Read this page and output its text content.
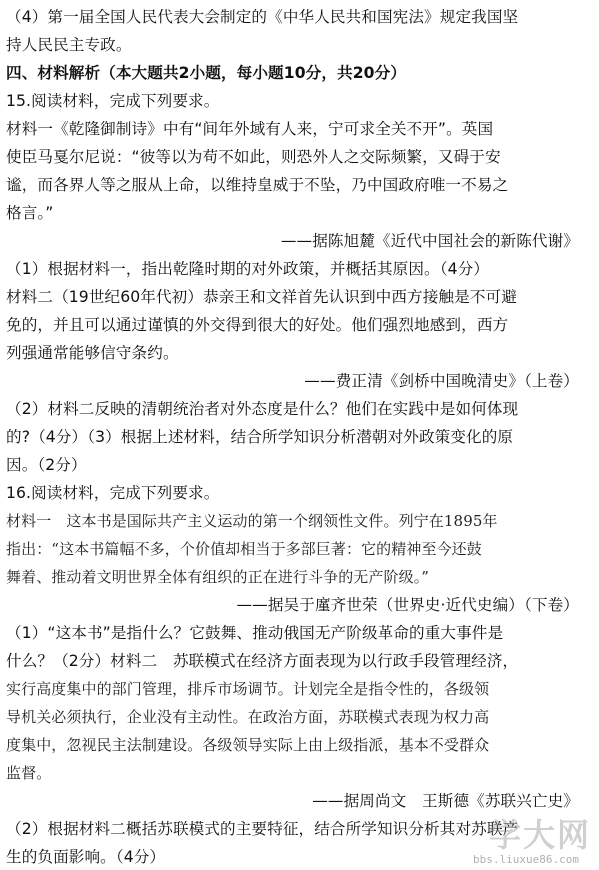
（4）第一届全国人民代表大会制定的《中华人民共和国宪法》规定我国坚
持人民民主专政。
四、材料解析（本大题共2小题，每小题10分，共20分）
15.阅读材料，完成下列要求。
材料一《乾隆御制诗》中有“间年外域有人来，宁可求全关不开”。英国
使臣马戛尔尼说：“彼等以为苟不如此，则恐外人之交际频繁，又碍于安
谧，而各界人等之服从上命，以维持皇威于不坠，乃中国政府唯一不易之
格言。”
——据陈旭麓《近代中国社会的新陈代谢》
（1）根据材料一，指出乾隆时期的对外政策，并概括其原因。（4分）
材料二（19世纪60年代初）恭亲王和文祥首先认识到中西方接触是不可避
免的，并且可以通过谨慎的外交得到很大的好处。他们强烈地感到，西方
列强通常能够信守条约。
——费正清《剑桥中国晚清史》（上卷）
（2）材料二反映的清朝统治者对外态度是什么？他们在实践中是如何体现
的?（4分）（3）根据上述材料，结合所学知识分析潜朝对外政策变化的原
因。（2分）
16.阅读材料，完成下列要求。
材料一　这本书是国际共产主义运动的第一个纲领性文件。列宁在1895年
指出：“这本书篇幅不多，个价值却相当于多部巨著：它的精神至今还鼓
舞着、推动着文明世界全体有组织的正在进行斗争的无产阶级。”
——据吴于廑齐世荣（世界史·近代史编）（下卷）
（1）“这本书”是指什么？它鼓舞、推动俄国无产阶级革命的重大事件是
什么？（2分）材料二　苏联模式在经济方面表现为以行政手段管理经济，
实行高度集中的部门管理，排斥市场调节。计划完全是指令性的，各级领
导机关必须执行，企业没有主动性。在政治方面，苏联模式表现为权力高
度集中，忽视民主法制建设。各级领导实际上由上级指派，基本不受群众
监督。
——据周尚文　王斯德《苏联兴亡史》
（2）根据材料二概括苏联模式的主要特征，结合所学知识分析其对苏联产
生的负面影响。（4分）
学大网
bbs.liuxue86.com
